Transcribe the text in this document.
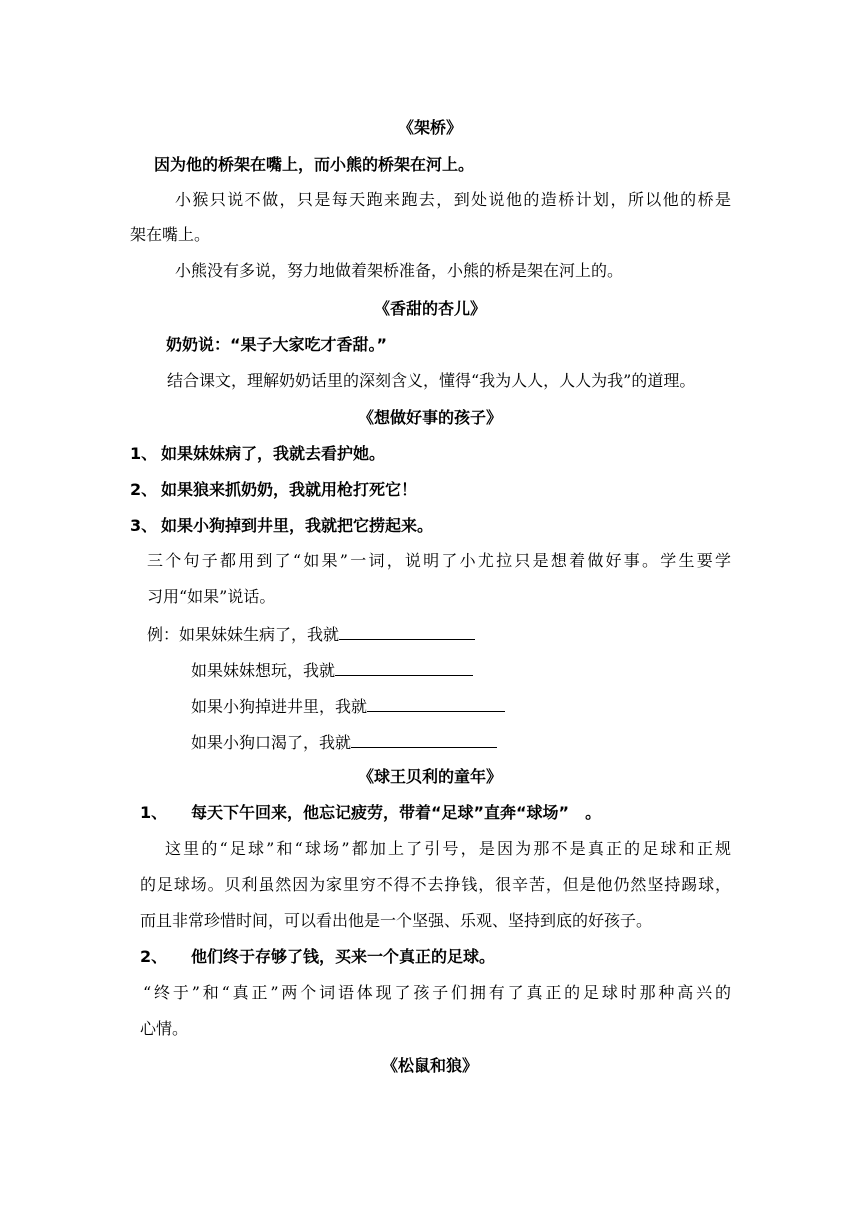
《架桥》
因为他的桥架在嘴上，而小熊的桥架在河上。
小猴只说不做，只是每天跑来跑去，到处说他的造桥计划，所以他的桥是
架在嘴上。
小熊没有多说，努力地做着架桥准备，小熊的桥是架在河上的。
《香甜的杏儿》
奶奶说：“果子大家吃才香甜。”
结合课文，理解奶奶话里的深刻含义，懂得“我为人人，人人为我”的道理。
《想做好事的孩子》
1、 如果妹妹病了，我就去看护她。
2、 如果狼来抓奶奶，我就用枪打死它！
3、 如果小狗掉到井里，我就把它捞起来。
三个句子都用到了“如果”一词，说明了小尤拉只是想着做好事。学生要学
习用“如果”说话。
例：如果妹妹生病了，我就
如果妹妹想玩，我就
如果小狗掉进井里，我就
如果小狗口渴了，我就
《球王贝利的童年》
1、 每天下午回来，他忘记疲劳，带着“足球”直奔“球场”　。
这里的“足球”和“球场”都加上了引号，是因为那不是真正的足球和正规
的足球场。贝利虽然因为家里穷不得不去挣钱，很辛苦，但是他仍然坚持踢球，
而且非常珍惜时间，可以看出他是一个坚强、乐观、坚持到底的好孩子。
2、 他们终于存够了钱，买来一个真正的足球。
“终于”和“真正”两个词语体现了孩子们拥有了真正的足球时那种高兴的
心情。
《松鼠和狼》
